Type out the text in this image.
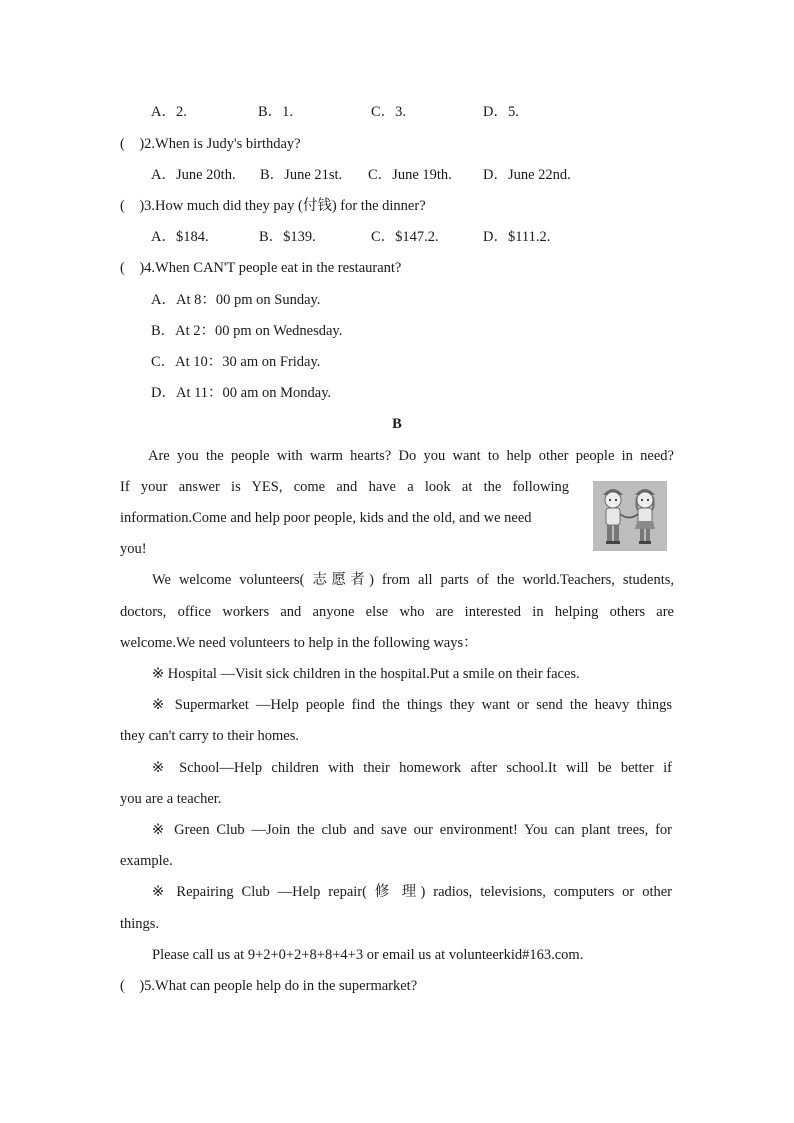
A．2.	B．1.	C．3.	D．5.
(　)2.When is Judy's birthday?
A．June 20th. B．June 21st. C．June 19th. D．June 22nd.
(　)3.How much did they pay (付钱) for the dinner?
A．$184.	B．$139.	C．$147.2.	D．$111.2.
(　)4.When CAN'T people eat in the restaurant?
A．At 8：00 pm on Sunday.
B．At 2：00 pm on Wednesday.
C．At 10：30 am on Friday.
D．At 11：00 am on Monday.
B
Are you the people with warm hearts? Do you want to help other people in need?
If your answer is YES, come and have a look at the following
information.Come and help poor people, kids and the old, and we need
you!
We welcome volunteers( 志愿者) from all parts of the world.Teachers, students,
doctors, office workers and anyone else who are interested in helping others are
welcome.We need volunteers to help in the following ways：
※ Hospital —Visit sick children in the hospital.Put a smile on their faces.
※ Supermarket —Help people find the things they want or send the heavy things
they can't carry to their homes.
※ School—Help children with their homework after school.It will be better if
you are a teacher.
※ Green Club —Join the club and save our environment! You can plant trees, for
example.
※ Repairing Club —Help repair( 修 理) radios, televisions, computers or other
things.
Please call us at 9+2+0+2+8+8+4+3 or email us at volunteerkid#163.com.
(　)5.What can people help do in the supermarket?
